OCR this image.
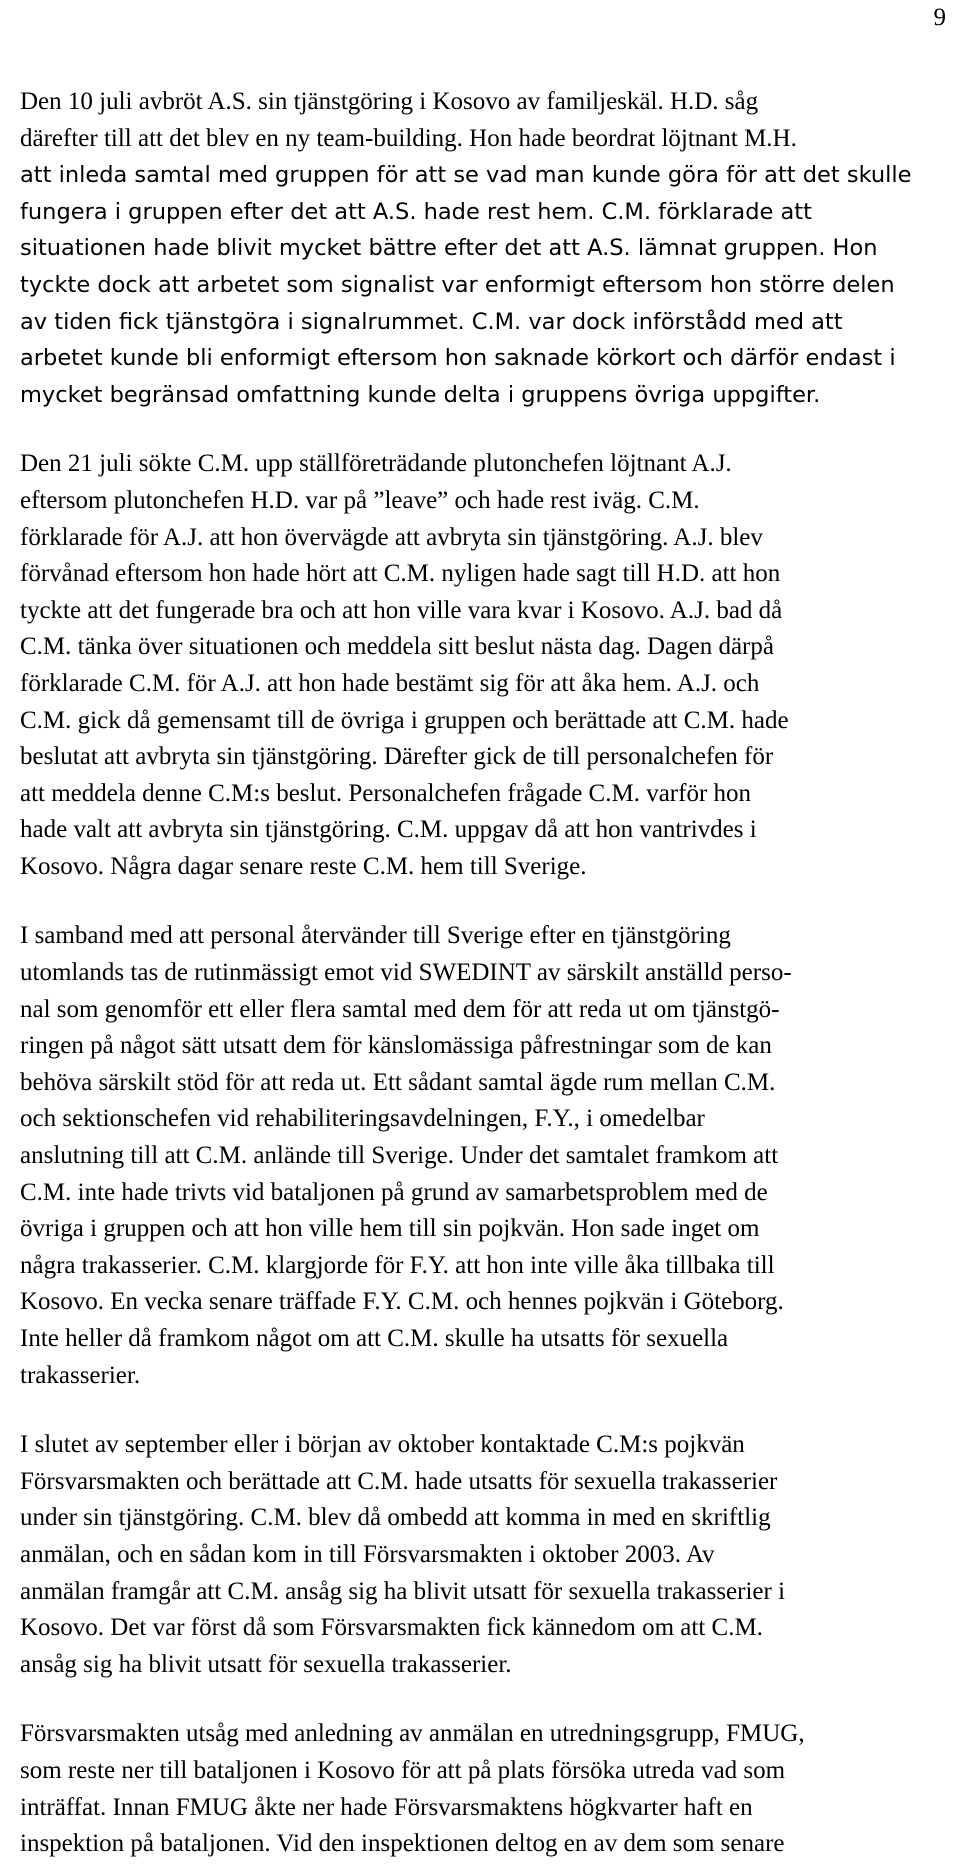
9
Den 10 juli avbröt A.S. sin tjänstgöring i Kosovo av familjeskäl. H.D. såg
därefter till att det blev en ny team-building. Hon hade beordrat löjtnant M.H.
att inleda samtal med gruppen för att se vad man kunde göra för att det skulle
fungera i gruppen efter det att A.S. hade rest hem. C.M. förklarade att
situationen hade blivit mycket bättre efter det att A.S. lämnat gruppen. Hon
tyckte dock att arbetet som signalist var enformigt eftersom hon större delen
av tiden fick tjänstgöra i signalrummet. C.M. var dock införstådd med att
arbetet kunde bli enformigt eftersom hon saknade körkort och därför endast i
mycket begränsad omfattning kunde delta i gruppens övriga uppgifter.
Den 21 juli sökte C.M. upp ställföreträdande plutonchefen löjtnant A.J.
eftersom plutonchefen H.D. var på ”leave” och hade rest iväg. C.M.
förklarade för A.J. att hon övervägde att avbryta sin tjänstgöring. A.J. blev
förvånad eftersom hon hade hört att C.M. nyligen hade sagt till H.D. att hon
tyckte att det fungerade bra och att hon ville vara kvar i Kosovo. A.J. bad då
C.M. tänka över situationen och meddela sitt beslut nästa dag. Dagen därpå
förklarade C.M. för A.J. att hon hade bestämt sig för att åka hem. A.J. och
C.M. gick då gemensamt till de övriga i gruppen och berättade att C.M. hade
beslutat att avbryta sin tjänstgöring. Därefter gick de till personalchefen för
att meddela denne C.M:s beslut. Personalchefen frågade C.M. varför hon
hade valt att avbryta sin tjänstgöring. C.M. uppgav då att hon vantrivdes i
Kosovo. Några dagar senare reste C.M. hem till Sverige.
I samband med att personal återvänder till Sverige efter en tjänstgöring
utomlands tas de rutinmässigt emot vid SWEDINT av särskilt anställd perso-
nal som genomför ett eller flera samtal med dem för att reda ut om tjänstgö-
ringen på något sätt utsatt dem för känslomässiga påfrestningar som de kan
behöva särskilt stöd för att reda ut. Ett sådant samtal ägde rum mellan C.M.
och sektionschefen vid rehabiliteringsavdelningen, F.Y., i omedelbar
anslutning till att C.M. anlände till Sverige. Under det samtalet framkom att
C.M. inte hade trivts vid bataljonen på grund av samarbetsproblem med de
övriga i gruppen och att hon ville hem till sin pojkvän. Hon sade inget om
några trakasserier. C.M. klargjorde för F.Y. att hon inte ville åka tillbaka till
Kosovo. En vecka senare träffade F.Y. C.M. och hennes pojkvän i Göteborg.
Inte heller då framkom något om att C.M. skulle ha utsatts för sexuella
trakasserier.
I slutet av september eller i början av oktober kontaktade C.M:s pojkvän
Försvarsmakten och berättade att C.M. hade utsatts för sexuella trakasserier
under sin tjänstgöring. C.M. blev då ombedd att komma in med en skriftlig
anmälan, och en sådan kom in till Försvarsmakten i oktober 2003. Av
anmälan framgår att C.M. ansåg sig ha blivit utsatt för sexuella trakasserier i
Kosovo. Det var först då som Försvarsmakten fick kännedom om att C.M.
ansåg sig ha blivit utsatt för sexuella trakasserier.
Försvarsmakten utsåg med anledning av anmälan en utredningsgrupp, FMUG,
som reste ner till bataljonen i Kosovo för att på plats försöka utreda vad som
inträffat. Innan FMUG åkte ner hade Försvarsmaktens högkvarter haft en
inspektion på bataljonen. Vid den inspektionen deltog en av dem som senare
